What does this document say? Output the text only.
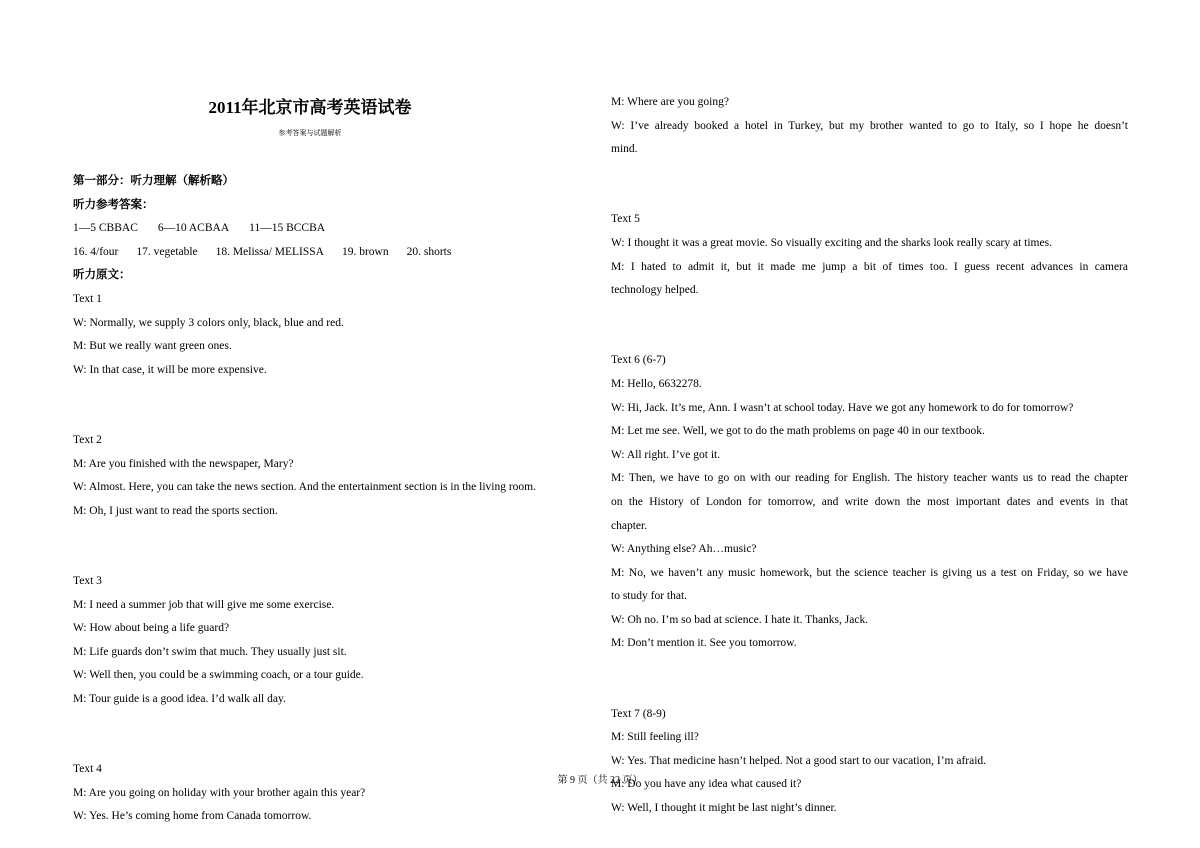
2011年北京市高考英语试卷
参考答案与试题解析

第一部分：听力理解（解析略）

听力参考答案：

1—5 CBBAC 6—10 ACBAA 11—15 BCCBA

16. 4/four 17. vegetable 18. Melissa/ MELISSA 19. brown 20. shorts

听力原文：

Text 1

W: Normally, we supply 3 colors only, black, blue and red.

M: But we really want green ones.

W: In that case, it will be more expensive.

Text 2

M: Are you finished with the newspaper, Mary?

W: Almost. Here, you can take the news section. And the entertainment section is in the living room.

M: Oh, I just want to read the sports section.

Text 3

M: I need a summer job that will give me some exercise.

W: How about being a life guard?

M: Life guards don’t swim that much. They usually just sit.

W: Well then, you could be a swimming coach, or a tour guide.

M: Tour guide is a good idea. I’d walk all day.

Text 4

M: Are you going on holiday with your brother again this year?

W: Yes. He’s coming home from Canada tomorrow.

M: Where are you going?

W: I’ve already booked a hotel in Turkey, but my brother wanted to go to Italy, so I hope he doesn’t

mind.

Text 5

W: I thought it was a great movie. So visually exciting and the sharks look really scary at times.

M: I hated to admit it, but it made me jump a bit of times too. I guess recent advances in camera

technology helped.

Text 6 (6-7)

M: Hello, 6632278.

W: Hi, Jack. It’s me, Ann. I wasn’t at school today. Have we got any homework to do for tomorrow?

M: Let me see. Well, we got to do the math problems on page 40 in our textbook.

W: All right. I’ve got it.

M: Then, we have to go on with our reading for English. The history teacher wants us to read the chapter

on the History of London for tomorrow, and write down the most important dates and events in that

chapter.

W: Anything else? Ah…music?

M: No, we haven’t any music homework, but the science teacher is giving us a test on Friday, so we have

to study for that.

W: Oh no. I’m so bad at science. I hate it. Thanks, Jack.

M: Don’t mention it. See you tomorrow.

Text 7 (8-9)

M: Still feeling ill?

W: Yes. That medicine hasn’t helped. Not a good start to our vacation, I’m afraid.

M: Do you have any idea what caused it?

W: Well, I thought it might be last night’s dinner.

第 9 页（共 22 页）
